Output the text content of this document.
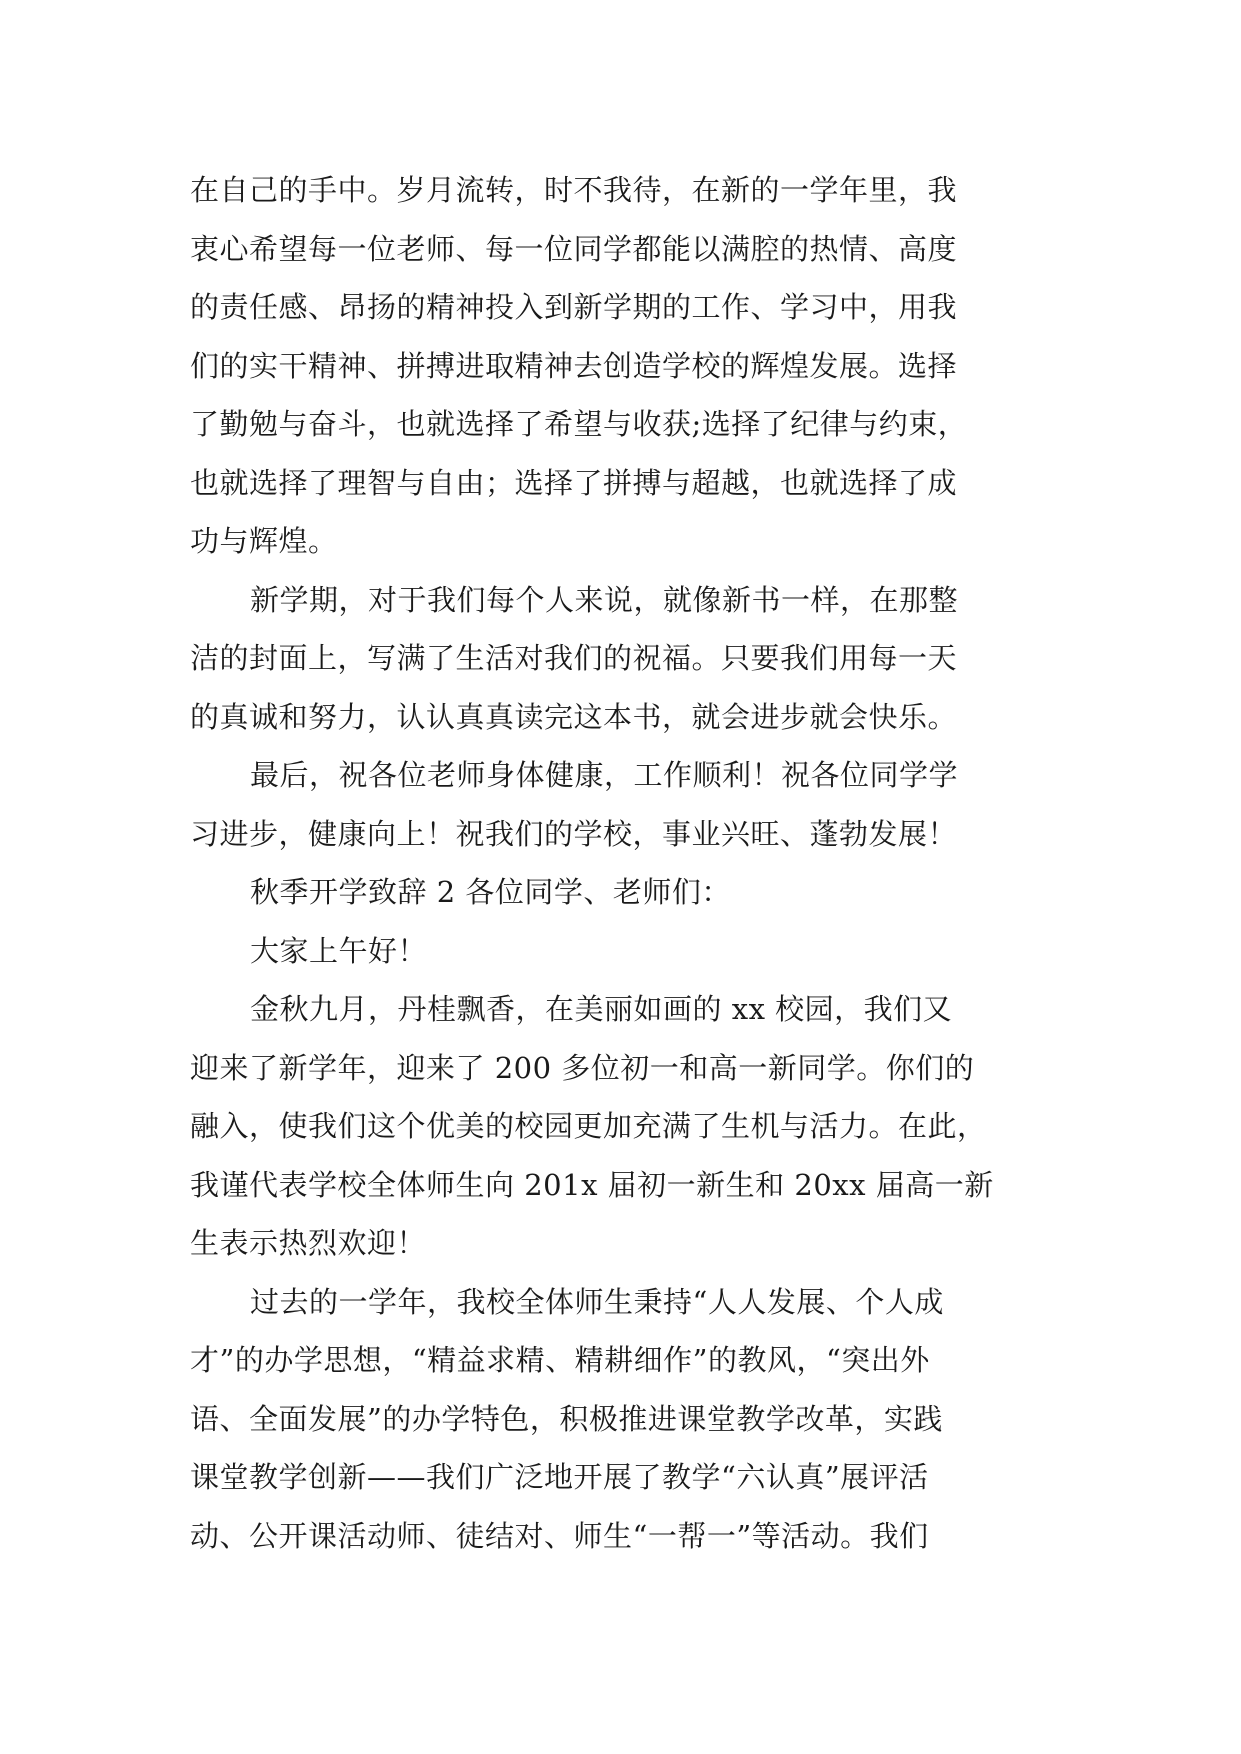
在自己的手中。岁月流转，时不我待，在新的一学年里，我
衷心希望每一位老师、每一位同学都能以满腔的热情、高度
的责任感、昂扬的精神投入到新学期的工作、学习中，用我
们的实干精神、拼搏进取精神去创造学校的辉煌发展。选择
了勤勉与奋斗，也就选择了希望与收获;选择了纪律与约束，
也就选择了理智与自由；选择了拼搏与超越，也就选择了成
功与辉煌。
新学期，对于我们每个人来说，就像新书一样，在那整
洁的封面上，写满了生活对我们的祝福。只要我们用每一天
的真诚和努力，认认真真读完这本书，就会进步就会快乐。
最后，祝各位老师身体健康，工作顺利！祝各位同学学
习进步，健康向上！祝我们的学校，事业兴旺、蓬勃发展！
秋季开学致辞 2 各位同学、老师们：
大家上午好！
金秋九月，丹桂飘香，在美丽如画的 xx 校园，我们又
迎来了新学年，迎来了 200 多位初一和高一新同学。你们的
融入，使我们这个优美的校园更加充满了生机与活力。在此，
我谨代表学校全体师生向 201x 届初一新生和 20xx 届高一新
生表示热烈欢迎！
过去的一学年，我校全体师生秉持“人人发展、个人成
才”的办学思想，“精益求精、精耕细作”的教风，“突出外
语、全面发展”的办学特色，积极推进课堂教学改革，实践
课堂教学创新——我们广泛地开展了教学“六认真”展评活
动、公开课活动师、徒结对、师生“一帮一”等活动。我们
